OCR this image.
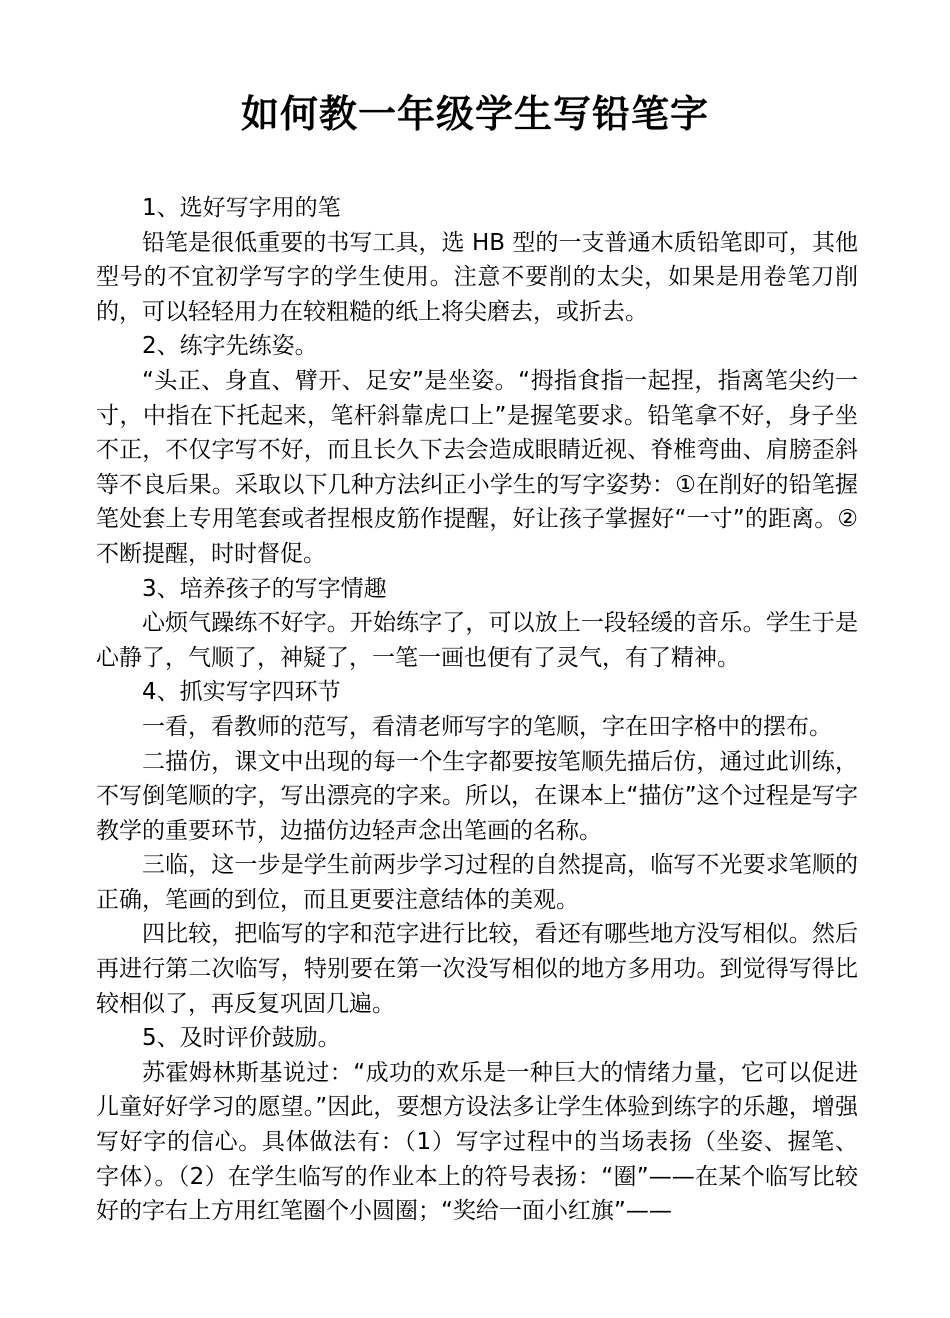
如何教一年级学生写铅笔字

1、选好写字用的笔

铅笔是很低重要的书写工具，选 HB 型的一支普通木质铅笔即可，其他型号的不宜初学写字的学生使用。注意不要削的太尖，如果是用卷笔刀削的，可以轻轻用力在较粗糙的纸上将尖磨去，或折去。

2、练字先练姿。

“头正、身直、臂开、足安”是坐姿。“拇指食指一起捏，指离笔尖约一寸，中指在下托起来，笔杆斜靠虎口上”是握笔要求。铅笔拿不好，身子坐不正，不仅字写不好，而且长久下去会造成眼睛近视、脊椎弯曲、肩膀歪斜等不良后果。采取以下几种方法纠正小学生的写字姿势：①在削好的铅笔握笔处套上专用笔套或者捏根皮筋作提醒，好让孩子掌握好“一寸”的距离。②不断提醒，时时督促。

3、培养孩子的写字情趣

心烦气躁练不好字。开始练字了，可以放上一段轻缓的音乐。学生于是心静了，气顺了，神疑了，一笔一画也便有了灵气，有了精神。

4、抓实写字四环节

一看，看教师的范写，看清老师写字的笔顺，字在田字格中的摆布。

二描仿，课文中出现的每一个生字都要按笔顺先描后仿，通过此训练，不写倒笔顺的字，写出漂亮的字来。所以，在课本上“描仿”这个过程是写字教学的重要环节，边描仿边轻声念出笔画的名称。

三临，这一步是学生前两步学习过程的自然提高，临写不光要求笔顺的正确，笔画的到位，而且更要注意结体的美观。

四比较，把临写的字和范字进行比较，看还有哪些地方没写相似。然后再进行第二次临写，特别要在第一次没写相似的地方多用功。到觉得写得比较相似了，再反复巩固几遍。

5、及时评价鼓励。

苏霍姆林斯基说过：“成功的欢乐是一种巨大的情绪力量，它可以促进儿童好好学习的愿望。”因此，要想方设法多让学生体验到练字的乐趣，增强写好字的信心。具体做法有：（1）写字过程中的当场表扬（坐姿、握笔、字体）。（2）在学生临写的作业本上的符号表扬：“圈”——在某个临写比较好的字右上方用红笔圈个小圆圈；“奖给一面小红旗”——
